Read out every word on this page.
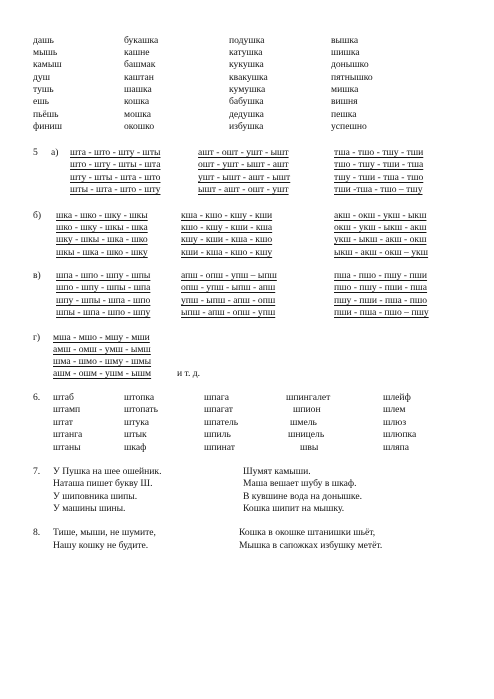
дашь	букашка	подушка	вышка
мышь	кашне	катушка	шишка
камыш	башмак	кукушка	донышко
душ	каштан	квакушка	пятнышко
тушь	шашка	кумушка	мишка
ешь	кошка	бабушка	вишня
пьёшь	мошка	дедушка	пешка
финиш	окошко	избушка	успешно
5 а) шта - што - шту - шты	ашт - ошт - ушт - ышт	тша - тшо - тшу - тши
што - шту - шты - шта	ошт - ушт - ышт - ашт	тшо - тшу - тши - тша
шту - шты - шта - што	ушт - ышт - ашт - ышт	тшу - тши - тша - тшо
шты - шта - што - шту	ышт - ашт - ошт - ушт	тши -тша - тшо – тшу
б) шка - шко - шку - шкы	кша - кшо - кшу - кши	акш - окш - укш - ыкш
шко - шку - шкы - шка	кшо - кшу - кши - кша	окш - укш - ыкш - акш
шку - шкы - шка - шко	кшу - кши - кша - кшо	укш - ыкш - акш - окш
шкы - шка - шко - шку	кши - кша - кшо - кшу	ыкш - акш - окш – укш
в) шпа - шпо - шпу - шпы	апш - опш - упш – ыпш	пша - пшо - пшу - пши
шпо - шпу - шпы - шпа	опш - упш - ыпш - апш	пшо - пшу - пши - пша
шпу - шпы - шпа - шпо	упш - ыпш - апш - опш	пшу - пши - пша - пшо
шпы - шпа - шпо - шпу	ыпш - апш - опш - упш	пши - пша - пшо – пшу
г) мша - мшо - мшу - мши
амш - омш - умш - ымш
шма - шмо - шму - шмы
ашм - ошм - ушм - ышм	и т. д.
6. штаб	штопка	шпага	шпингалет	шлейф
штамп	штопать	шпагат	шпион	шлем
штат	штука	шпатель	шмель	шлюз
штанга	штык	шпиль	шницель	шлюпка
штаны	шкаф	шпинат	швы	шляпа
7. У Пушка на шее ошейник.
Наташа пишет букву Ш.
У шиповника шипы.
У машины шины.
Шумят камыши.
Маша вешает шубу в шкаф.
В кувшине вода на донышке.
Кошка шипит на мышку.
8. Тише, мыши, не шумите,
Нашу кошку не будите.
Кошка в окошке штанишки шьёт,
Мышка в сапожках избушку метёт.
